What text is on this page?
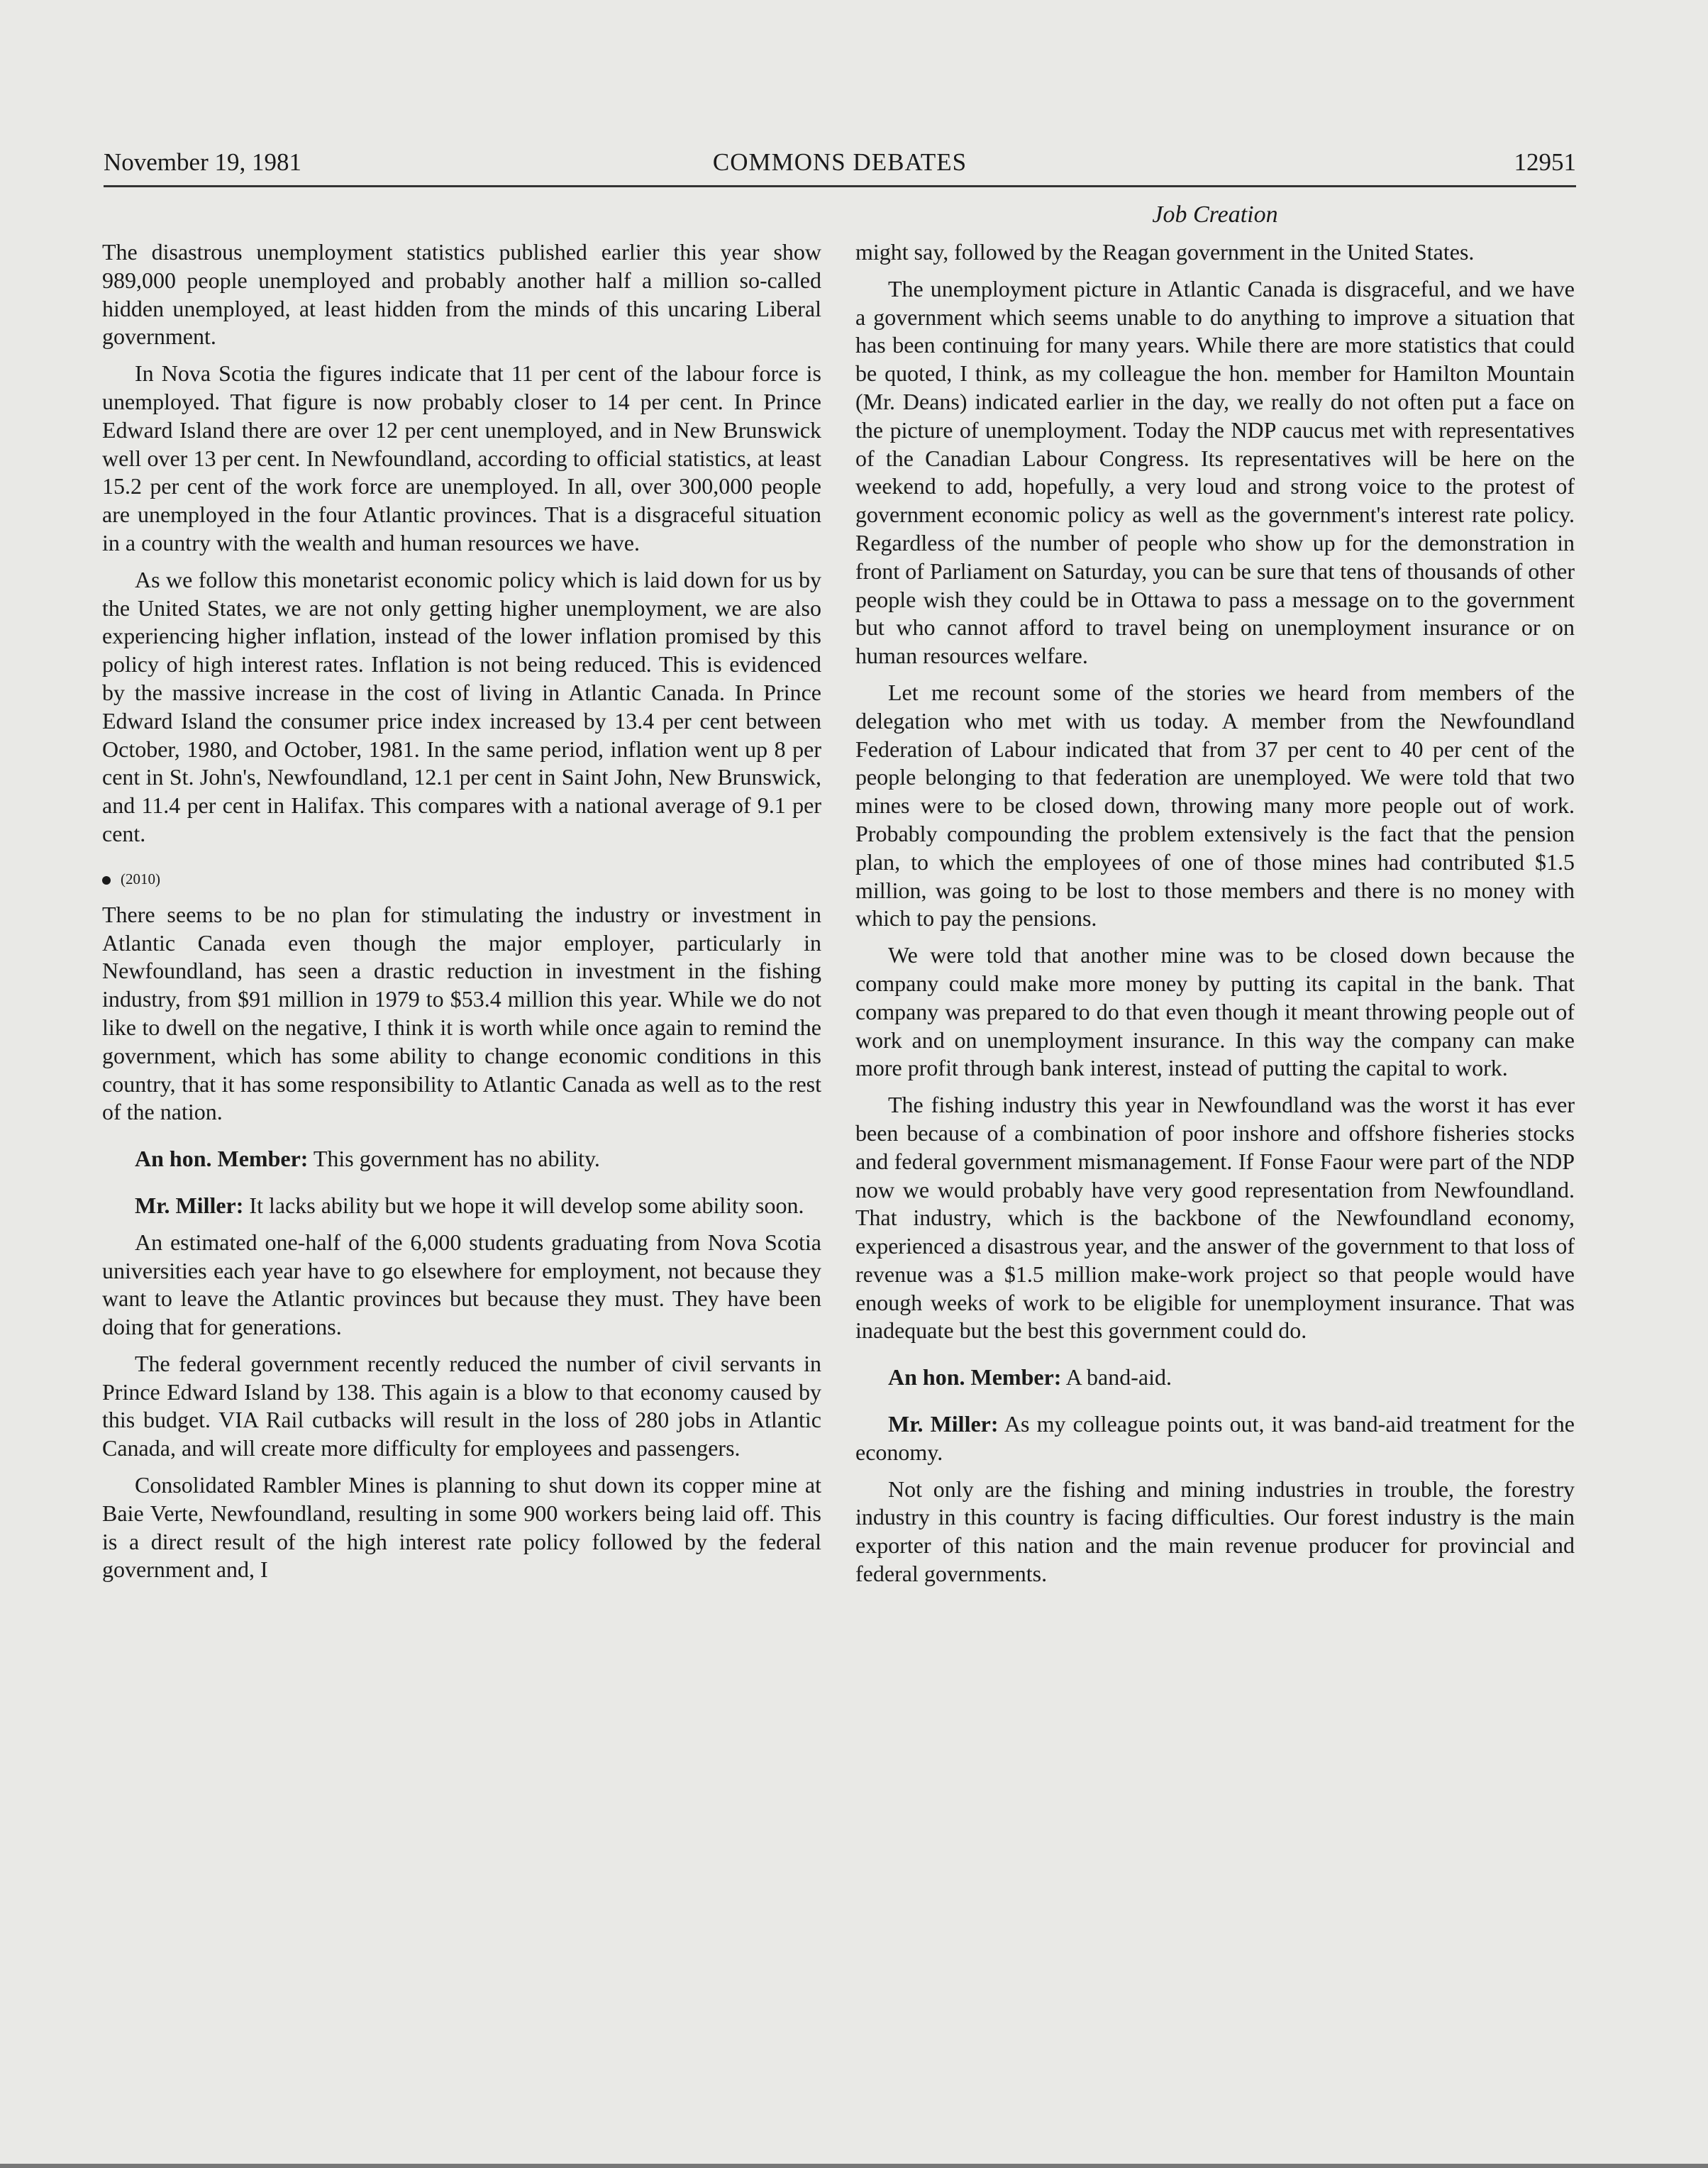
November 19, 1981	COMMONS DEBATES	12951
Job Creation

The disastrous unemployment statistics published earlier this year show 989,000 people unemployed and probably another half a million so-called hidden unemployed, at least hidden from the minds of this uncaring Liberal government.

In Nova Scotia the figures indicate that 11 per cent of the labour force is unemployed. That figure is now probably closer to 14 per cent. In Prince Edward Island there are over 12 per cent unemployed, and in New Brunswick well over 13 per cent. In Newfoundland, according to official statistics, at least 15.2 per cent of the work force are unemployed. In all, over 300,000 people are unemployed in the four Atlantic provinces. That is a disgraceful situation in a country with the wealth and human resources we have.

As we follow this monetarist economic policy which is laid down for us by the United States, we are not only getting higher unemployment, we are also experiencing higher inflation, instead of the lower inflation promised by this policy of high interest rates. Inflation is not being reduced. This is evidenced by the massive increase in the cost of living in Atlantic Canada. In Prince Edward Island the consumer price index increased by 13.4 per cent between October, 1980, and October, 1981. In the same period, inflation went up 8 per cent in St. John's, Newfoundland, 12.1 per cent in Saint John, New Brunswick, and 11.4 per cent in Halifax. This compares with a national average of 9.1 per cent.

(2010)

There seems to be no plan for stimulating the industry or investment in Atlantic Canada even though the major employer, particularly in Newfoundland, has seen a drastic reduction in investment in the fishing industry, from $91 million in 1979 to $53.4 million this year. While we do not like to dwell on the negative, I think it is worth while once again to remind the government, which has some ability to change economic conditions in this country, that it has some responsibility to Atlantic Canada as well as to the rest of the nation.

An hon. Member: This government has no ability.

Mr. Miller: It lacks ability but we hope it will develop some ability soon.

An estimated one-half of the 6,000 students graduating from Nova Scotia universities each year have to go elsewhere for employment, not because they want to leave the Atlantic provinces but because they must. They have been doing that for generations.

The federal government recently reduced the number of civil servants in Prince Edward Island by 138. This again is a blow to that economy caused by this budget. VIA Rail cutbacks will result in the loss of 280 jobs in Atlantic Canada, and will create more difficulty for employees and passengers.

Consolidated Rambler Mines is planning to shut down its copper mine at Baie Verte, Newfoundland, resulting in some 900 workers being laid off. This is a direct result of the high interest rate policy followed by the federal government and, I

might say, followed by the Reagan government in the United States.

The unemployment picture in Atlantic Canada is disgraceful, and we have a government which seems unable to do anything to improve a situation that has been continuing for many years. While there are more statistics that could be quoted, I think, as my colleague the hon. member for Hamilton Mountain (Mr. Deans) indicated earlier in the day, we really do not often put a face on the picture of unemployment. Today the NDP caucus met with representatives of the Canadian Labour Congress. Its representatives will be here on the weekend to add, hopefully, a very loud and strong voice to the protest of government economic policy as well as the government's interest rate policy. Regardless of the number of people who show up for the demonstration in front of Parliament on Saturday, you can be sure that tens of thousands of other people wish they could be in Ottawa to pass a message on to the government but who cannot afford to travel being on unemployment insurance or on human resources welfare.

Let me recount some of the stories we heard from members of the delegation who met with us today. A member from the Newfoundland Federation of Labour indicated that from 37 per cent to 40 per cent of the people belonging to that federation are unemployed. We were told that two mines were to be closed down, throwing many more people out of work. Probably compounding the problem extensively is the fact that the pension plan, to which the employees of one of those mines had contributed $1.5 million, was going to be lost to those members and there is no money with which to pay the pensions.

We were told that another mine was to be closed down because the company could make more money by putting its capital in the bank. That company was prepared to do that even though it meant throwing people out of work and on unemployment insurance. In this way the company can make more profit through bank interest, instead of putting the capital to work.

The fishing industry this year in Newfoundland was the worst it has ever been because of a combination of poor inshore and offshore fisheries stocks and federal government mismanagement. If Fonse Faour were part of the NDP now we would probably have very good representation from Newfoundland. That industry, which is the backbone of the Newfoundland economy, experienced a disastrous year, and the answer of the government to that loss of revenue was a $1.5 million make-work project so that people would have enough weeks of work to be eligible for unemployment insurance. That was inadequate but the best this government could do.

An hon. Member: A band-aid.

Mr. Miller: As my colleague points out, it was band-aid treatment for the economy.

Not only are the fishing and mining industries in trouble, the forestry industry in this country is facing difficulties. Our forest industry is the main exporter of this nation and the main revenue producer for provincial and federal governments.
